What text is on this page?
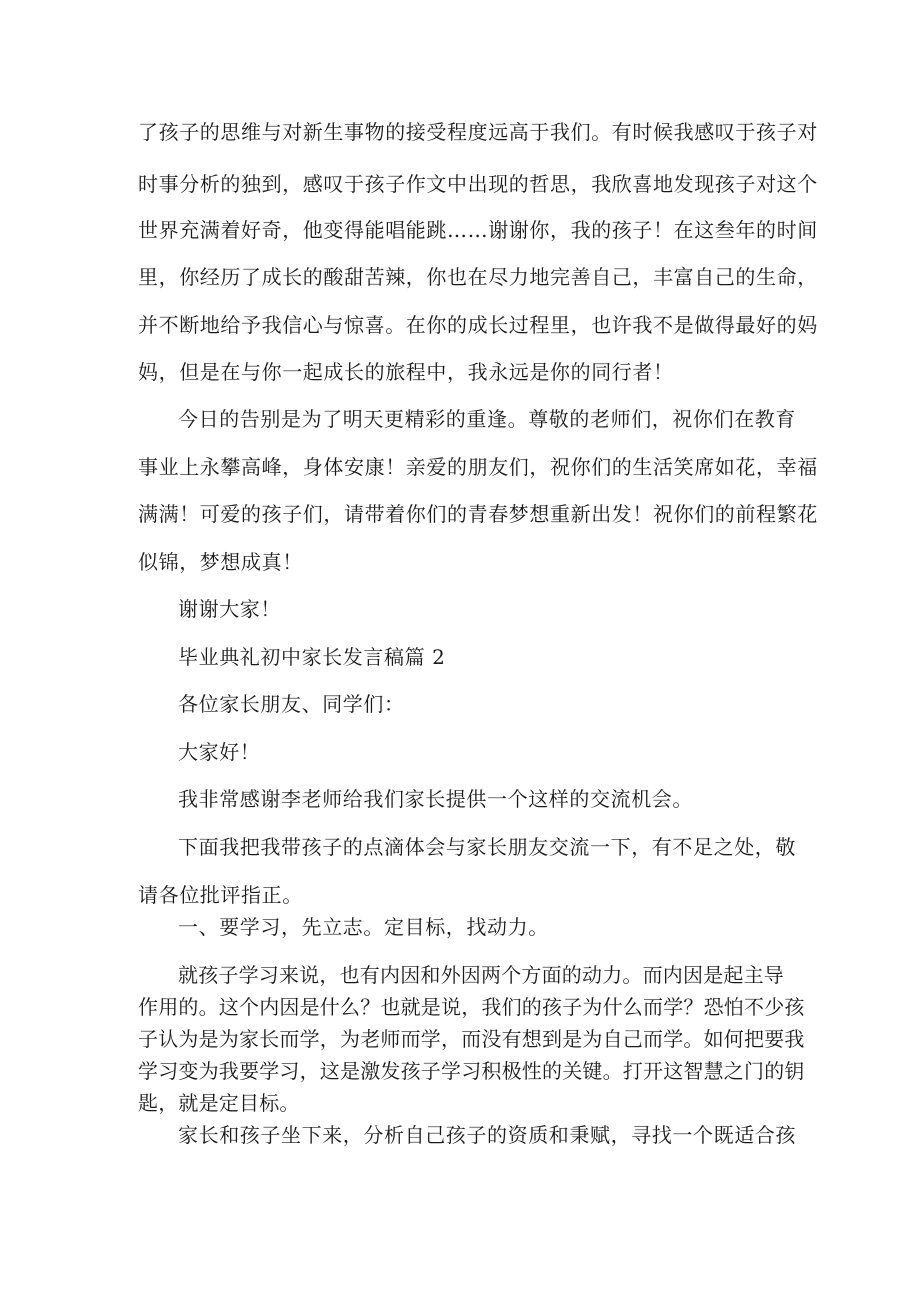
了孩子的思维与对新生事物的接受程度远高于我们。有时候我感叹于孩子对
时事分析的独到，感叹于孩子作文中出现的哲思，我欣喜地发现孩子对这个
世界充满着好奇，他变得能唱能跳……谢谢你，我的孩子！在这叁年的时间
里，你经历了成长的酸甜苦辣，你也在尽力地完善自己，丰富自己的生命，
并不断地给予我信心与惊喜。在你的成长过程里，也许我不是做得最好的妈
妈，但是在与你一起成长的旅程中，我永远是你的同行者！
今日的告别是为了明天更精彩的重逢。尊敬的老师们，祝你们在教育
事业上永攀高峰，身体安康！亲爱的朋友们，祝你们的生活笑席如花，幸福
满满！可爱的孩子们，请带着你们的青春梦想重新出发！祝你们的前程繁花
似锦，梦想成真！
谢谢大家！
毕业典礼初中家长发言稿篇 2
各位家长朋友、同学们：
大家好！
我非常感谢李老师给我们家长提供一个这样的交流机会。
下面我把我带孩子的点滴体会与家长朋友交流一下，有不足之处，敬
请各位批评指正。
一、要学习，先立志。定目标，找动力。
就孩子学习来说，也有内因和外因两个方面的动力。而内因是起主导
作用的。这个内因是什么？也就是说，我们的孩子为什么而学？恐怕不少孩
子认为是为家长而学，为老师而学，而没有想到是为自己而学。如何把要我
学习变为我要学习，这是激发孩子学习积极性的关键。打开这智慧之门的钥
匙，就是定目标。
家长和孩子坐下来，分析自己孩子的资质和秉赋，寻找一个既适合孩
